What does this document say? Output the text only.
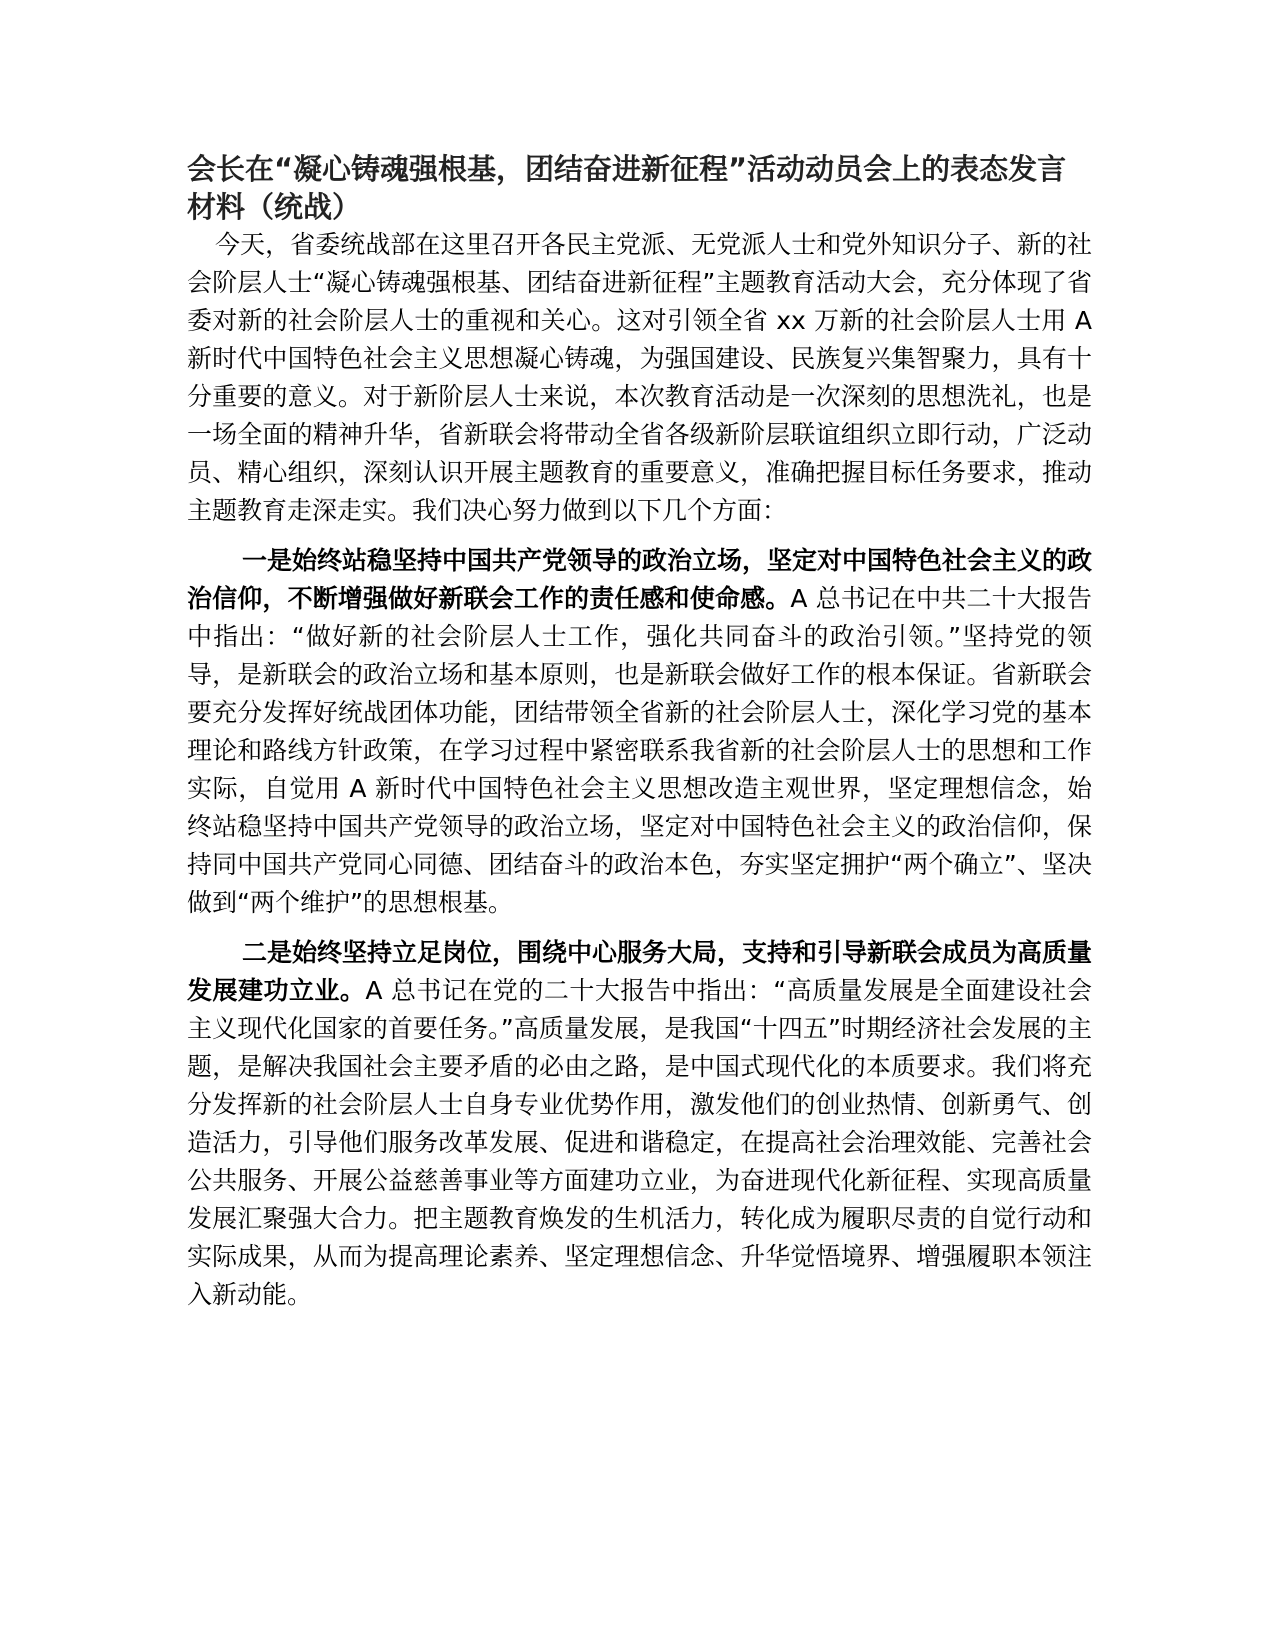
会长在“凝心铸魂强根基，团结奋进新征程”活动动员会上的表态发言材料（统战）

今天，省委统战部在这里召开各民主党派、无党派人士和党外知识分子、新的社会阶层人士“凝心铸魂强根基、团结奋进新征程”主题教育活动大会，充分体现了省委对新的社会阶层人士的重视和关心。这对引领全省 xx 万新的社会阶层人士用 A 新时代中国特色社会主义思想凝心铸魂，为强国建设、民族复兴集智聚力，具有十分重要的意义。对于新阶层人士来说，本次教育活动是一次深刻的思想洗礼，也是一场全面的精神升华，省新联会将带动全省各级新阶层联谊组织立即行动，广泛动员、精心组织，深刻认识开展主题教育的重要意义，准确把握目标任务要求，推动主题教育走深走实。我们决心努力做到以下几个方面：

一是始终站稳坚持中国共产党领导的政治立场，坚定对中国特色社会主义的政治信仰，不断增强做好新联会工作的责任感和使命感。A 总书记在中共二十大报告中指出：“做好新的社会阶层人士工作，强化共同奋斗的政治引领。”坚持党的领导，是新联会的政治立场和基本原则，也是新联会做好工作的根本保证。省新联会要充分发挥好统战团体功能，团结带领全省新的社会阶层人士，深化学习党的基本理论和路线方针政策，在学习过程中紧密联系我省新的社会阶层人士的思想和工作实际，自觉用 A 新时代中国特色社会主义思想改造主观世界，坚定理想信念，始终站稳坚持中国共产党领导的政治立场，坚定对中国特色社会主义的政治信仰，保持同中国共产党同心同德、团结奋斗的政治本色，夯实坚定拥护“两个确立”、坚决做到“两个维护”的思想根基。

二是始终坚持立足岗位，围绕中心服务大局，支持和引导新联会成员为高质量发展建功立业。A 总书记在党的二十大报告中指出：“高质量发展是全面建设社会主义现代化国家的首要任务。”高质量发展，是我国“十四五”时期经济社会发展的主题，是解决我国社会主要矛盾的必由之路，是中国式现代化的本质要求。我们将充分发挥新的社会阶层人士自身专业优势作用，激发他们的创业热情、创新勇气、创造活力，引导他们服务改革发展、促进和谐稳定，在提高社会治理效能、完善社会公共服务、开展公益慈善事业等方面建功立业，为奋进现代化新征程、实现高质量发展汇聚强大合力。把主题教育焕发的生机活力，转化成为履职尽责的自觉行动和实际成果，从而为提高理论素养、坚定理想信念、升华觉悟境界、增强履职本领注入新动能。
